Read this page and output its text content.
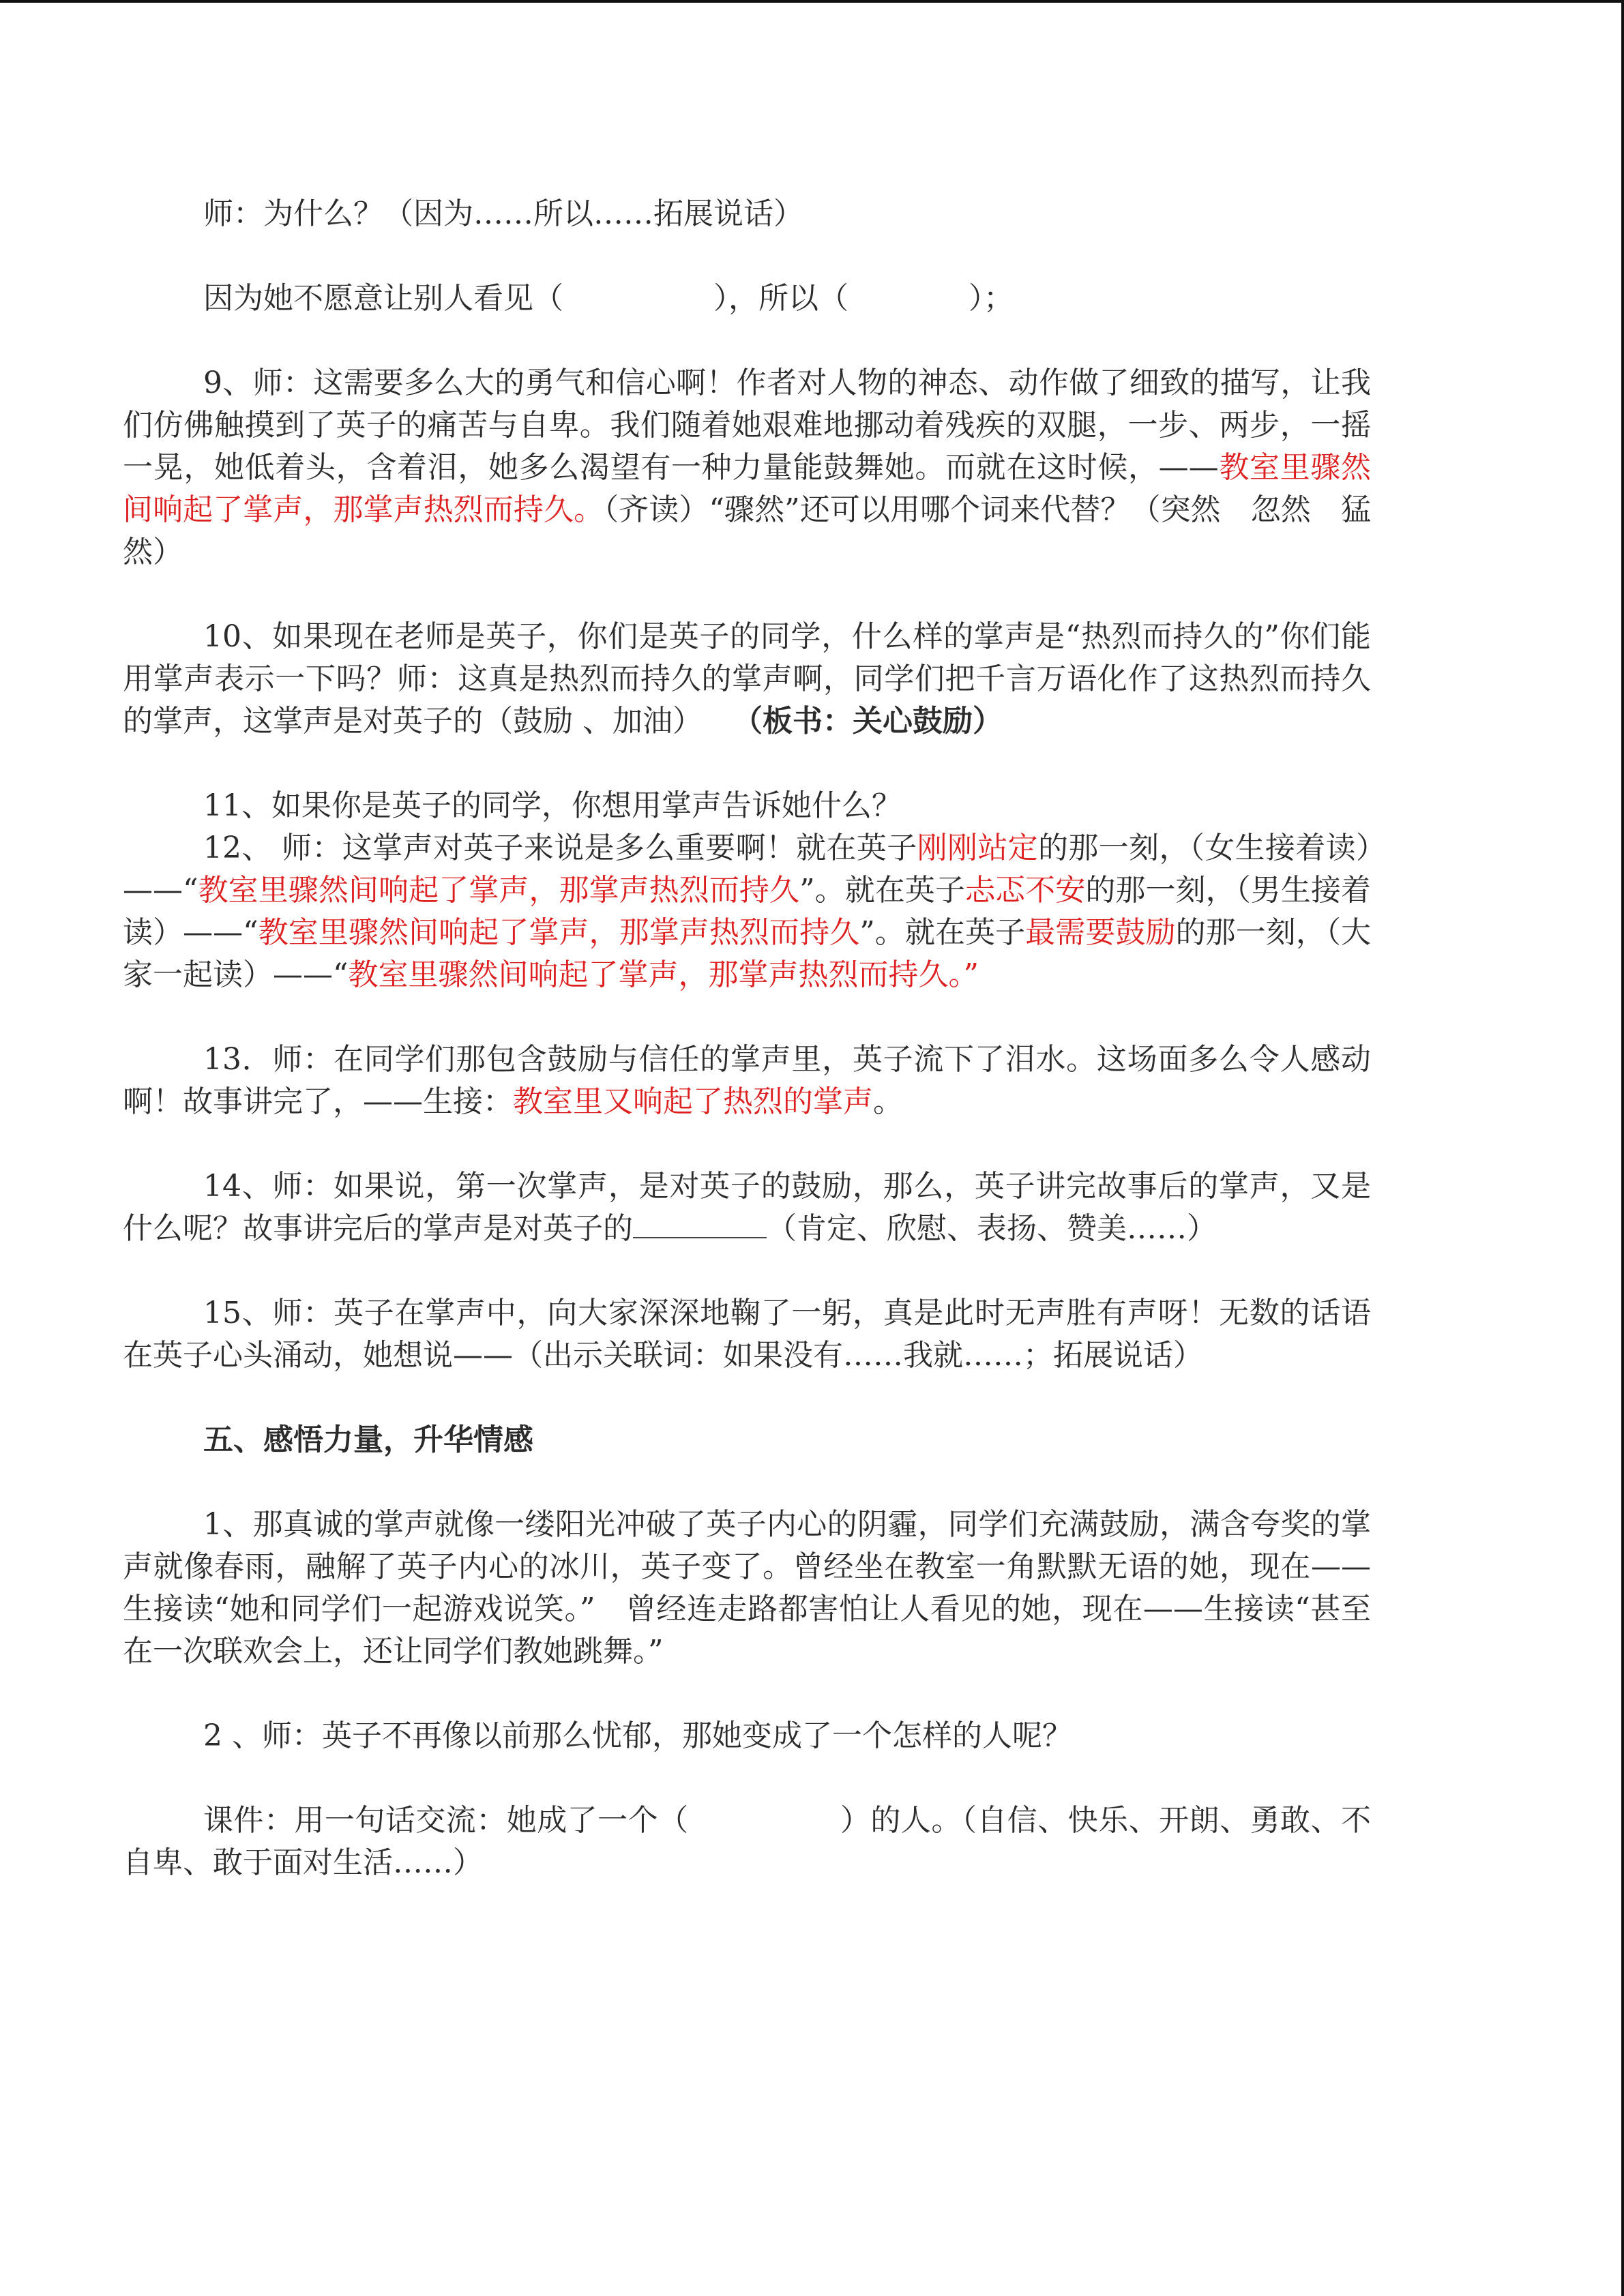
师：为什么？（因为……所以……拓展说话）

因为她不愿意让别人看见（　　　　　），所以（　　　　）；

9、师：这需要多么大的勇气和信心啊！作者对人物的神态、动作做了细致的描写，让我们仿佛触摸到了英子的痛苦与自卑。我们随着她艰难地挪动着残疾的双腿，一步、两步，一摇一晃，她低着头，含着泪，她多么渴望有一种力量能鼓舞她。而就在这时候，——教室里骤然间响起了掌声，那掌声热烈而持久。（齐读）“骤然”还可以用哪个词来代替？（突然　忽然　猛然）

10、如果现在老师是英子，你们是英子的同学，什么样的掌声是“热烈而持久的”你们能用掌声表示一下吗？师：这真是热烈而持久的掌声啊，同学们把千言万语化作了这热烈而持久的掌声，这掌声是对英子的（鼓励 、加油）　　（板书：关心鼓励）

11、如果你是英子的同学，你想用掌声告诉她什么？

12、 师：这掌声对英子来说是多么重要啊！就在英子刚刚站定的那一刻，（女生接着读）——“教室里骤然间响起了掌声，那掌声热烈而持久”。就在英子忐忑不安的那一刻，（男生接着读）——“教室里骤然间响起了掌声，那掌声热烈而持久”。就在英子最需要鼓励的那一刻，（大家一起读）——“教室里骤然间响起了掌声，那掌声热烈而持久。”

13．师：在同学们那包含鼓励与信任的掌声里，英子流下了泪水。这场面多么令人感动啊！故事讲完了，——生接：教室里又响起了热烈的掌声。

14、师：如果说，第一次掌声，是对英子的鼓励，那么，英子讲完故事后的掌声，又是什么呢？故事讲完后的掌声是对英子的	（肯定、欣慰、表扬、赞美……）

15、师：英子在掌声中，向大家深深地鞠了一躬，真是此时无声胜有声呀！无数的话语在英子心头涌动，她想说——（出示关联词：如果没有……我就……；拓展说话）

五、感悟力量，升华情感

1、那真诚的掌声就像一缕阳光冲破了英子内心的阴霾，同学们充满鼓励，满含夸奖的掌声就像春雨，融解了英子内心的冰川，英子变了。曾经坐在教室一角默默无语的她，现在——生接读“她和同学们一起游戏说笑。”　曾经连走路都害怕让人看见的她，现在——生接读“甚至在一次联欢会上，还让同学们教她跳舞。”

2 、师：英子不再像以前那么忧郁，那她变成了一个怎样的人呢？

课件：用一句话交流：她成了一个（　　　　　）的人。（自信、快乐、开朗、勇敢、不自卑、敢于面对生活……）
